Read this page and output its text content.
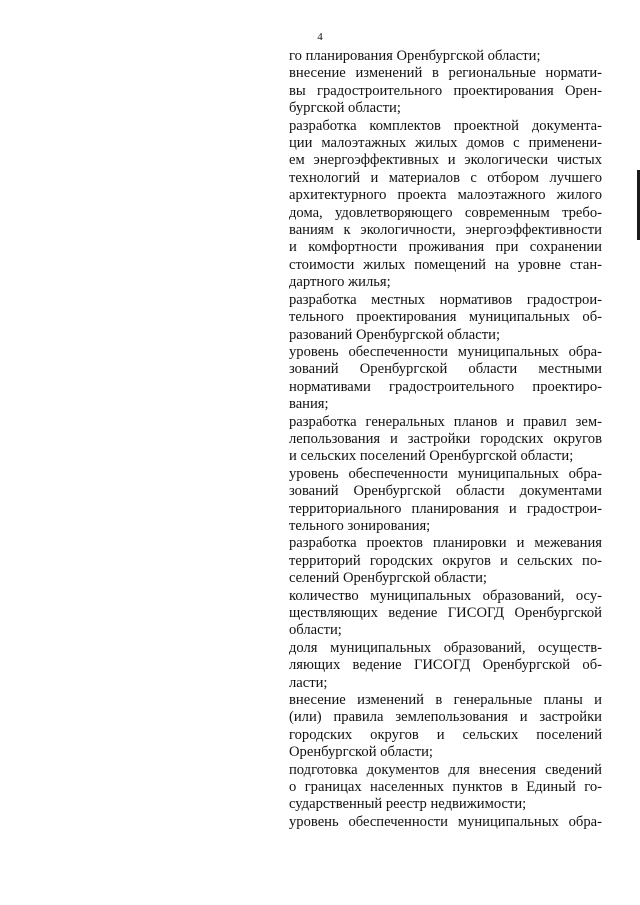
4
го планирования Оренбургской области;
внесение изменений в региональные нормати-
вы градостроительного проектирования Орен-
бургской области;
разработка комплектов проектной документа-
ции малоэтажных жилых домов с применени-
ем энергоэффективных и экологически чистых
технологий и материалов с отбором лучшего
архитектурного проекта малоэтажного жилого
дома, удовлетворяющего современным требо-
ваниям к экологичности, энергоэффективности
и комфортности проживания при сохранении
стоимости жилых помещений на уровне стан-
дартного жилья;
разработка местных нормативов градострои-
тельного проектирования муниципальных об-
разований Оренбургской области;
уровень обеспеченности муниципальных обра-
зований Оренбургской области местными
нормативами градостроительного проектиро-
вания;
разработка генеральных планов и правил зем-
лепользования и застройки городских округов
и сельских поселений Оренбургской области;
уровень обеспеченности муниципальных обра-
зований Оренбургской области документами
территориального планирования и градострои-
тельного зонирования;
разработка проектов планировки и межевания
территорий городских округов и сельских по-
селений Оренбургской области;
количество муниципальных образований, осу-
ществляющих ведение ГИСОГД Оренбургской
области;
доля муниципальных образований, осуществ-
ляющих ведение ГИСОГД Оренбургской об-
ласти;
внесение изменений в генеральные планы и
(или) правила землепользования и застройки
городских округов и сельских поселений
Оренбургской области;
подготовка документов для внесения сведений
о границах населенных пунктов в Единый го-
сударственный реестр недвижимости;
уровень обеспеченности муниципальных обра-
